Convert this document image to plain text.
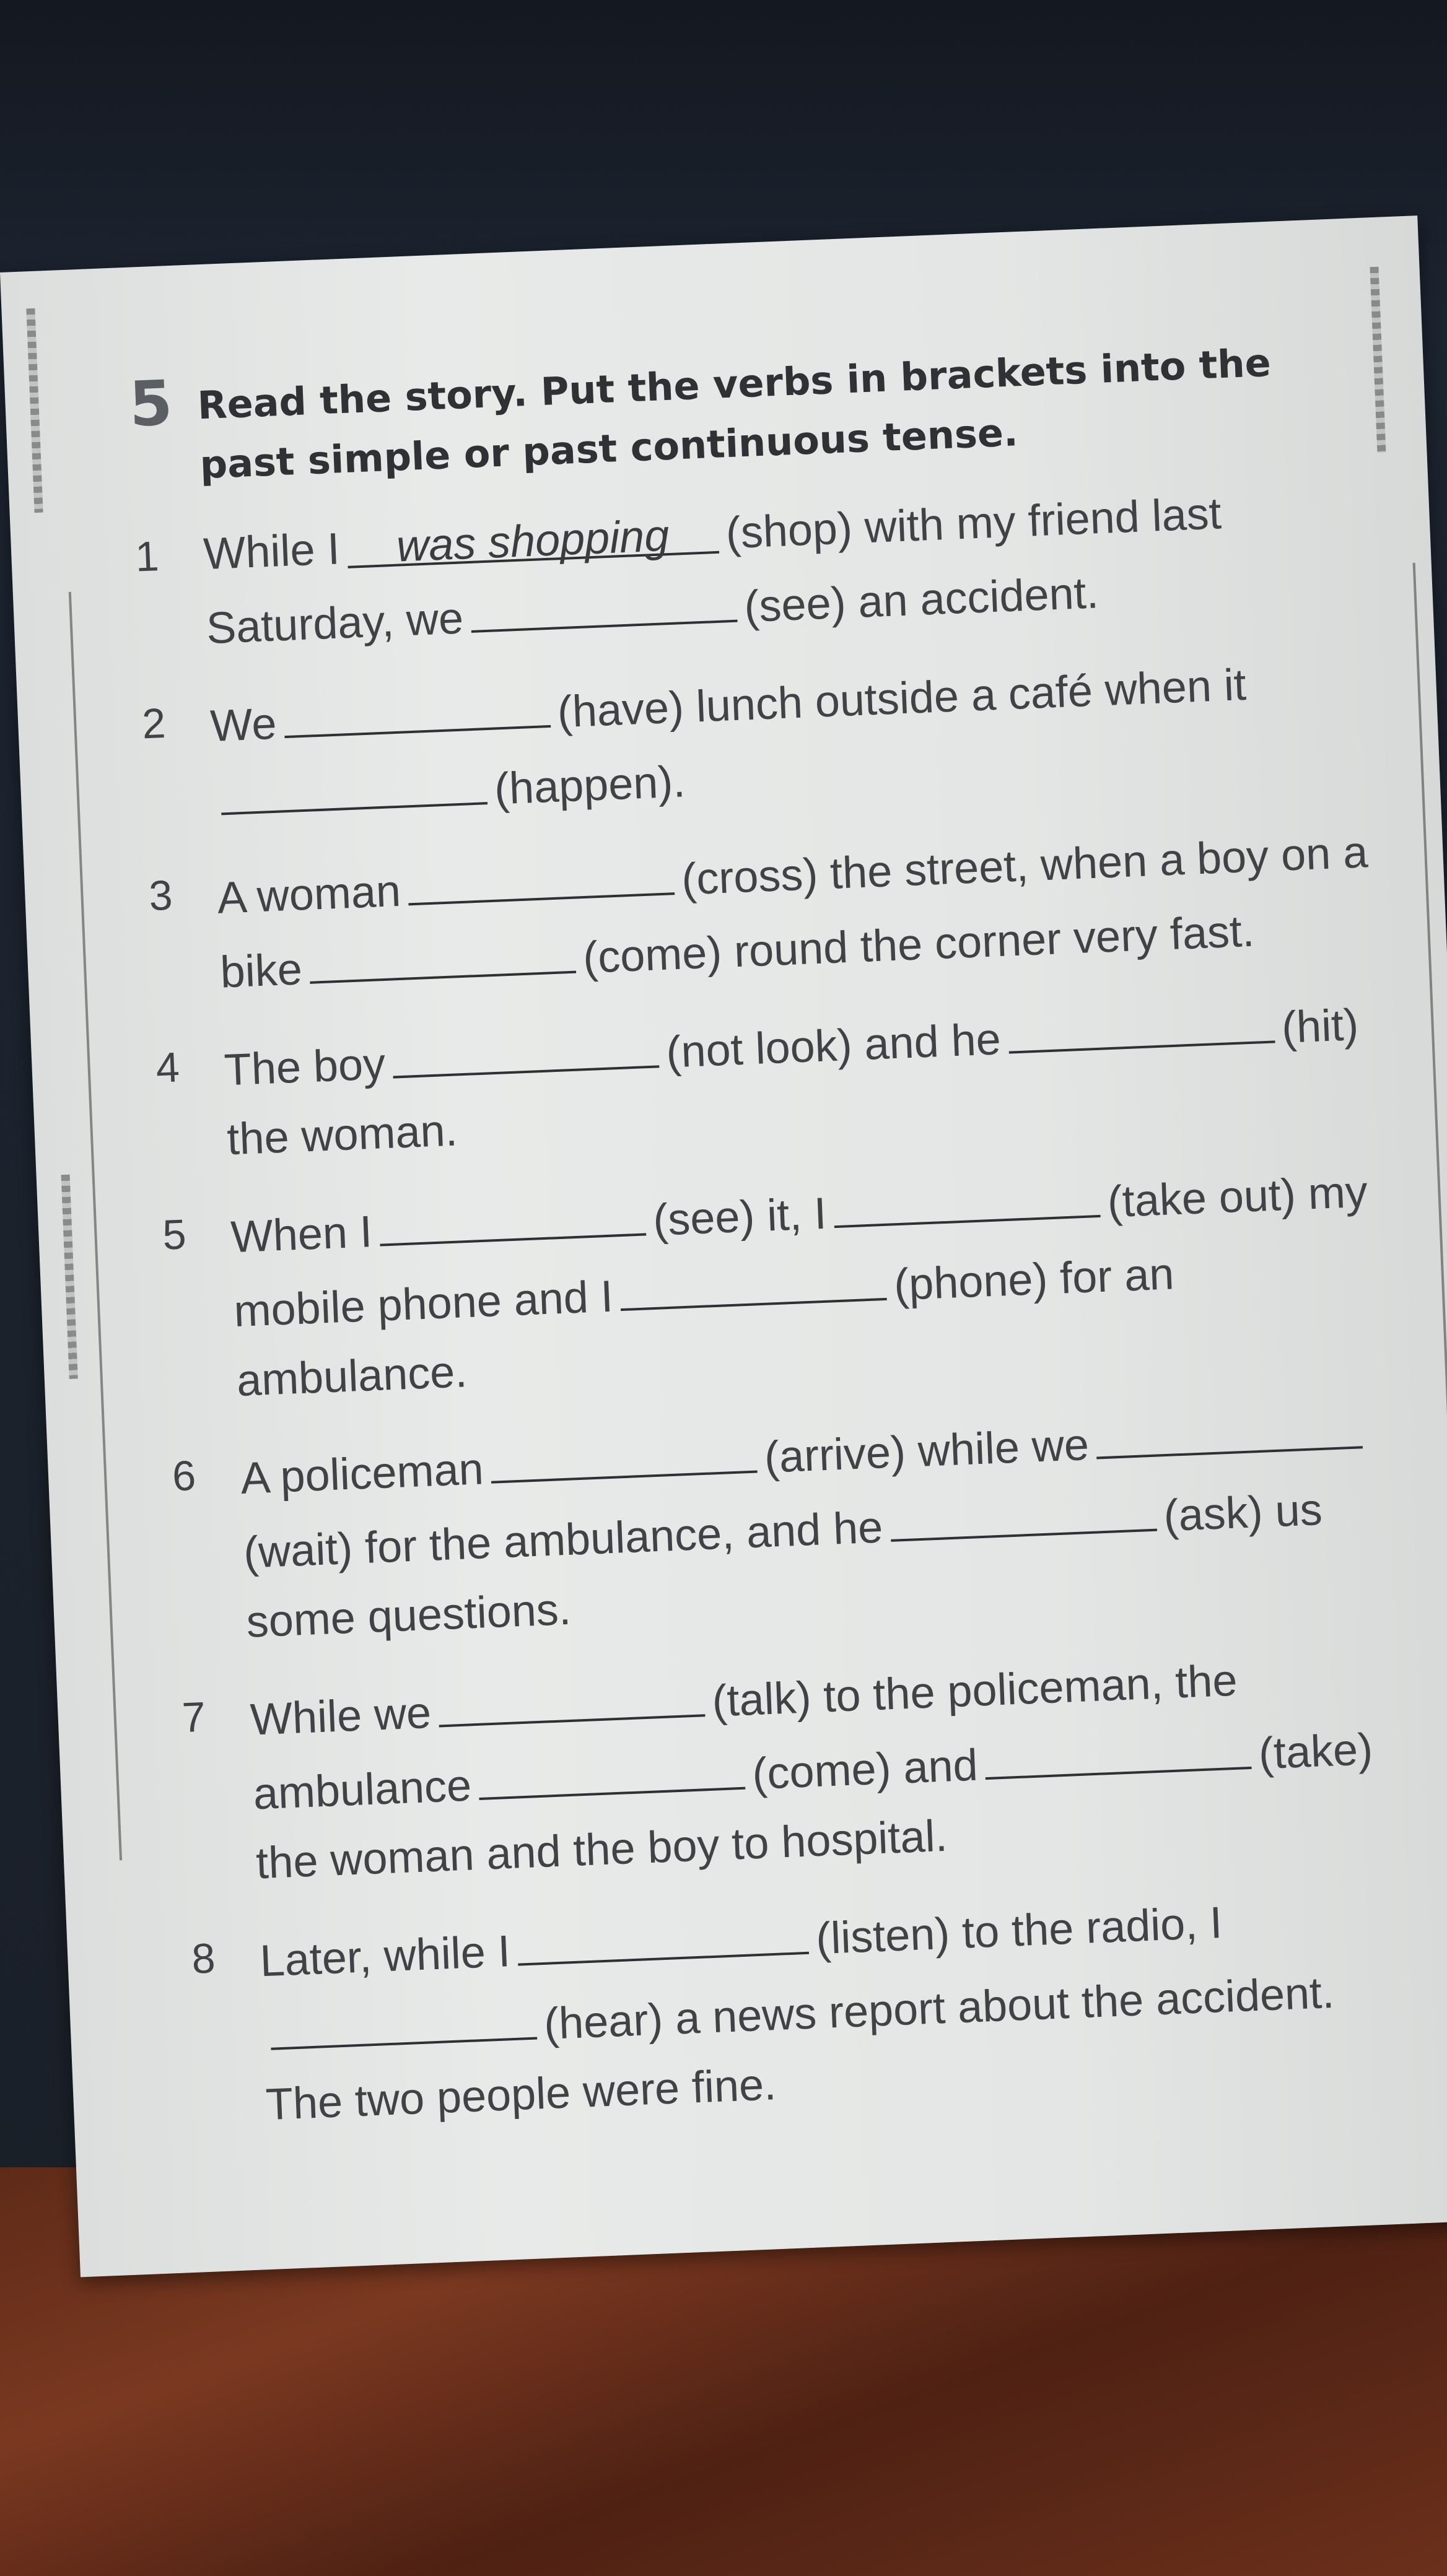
5 Read the story. Put the verbs in brackets into the past simple or past continuous tense.
1 While I was shopping (shop) with my friend last Saturday, we	(see) an accident.
2 We	(have) lunch outside a café when it(happen).
3 A woman	(cross) the street, when a boy on a bike	(come) round the corner very fast.
4 The boy	(not look) and he	(hit) the woman.
5 When I	(see) it, I	(take out) my mobile phone and I	(phone) for an ambulance.
6 A policeman	(arrive) while we(wait) for the ambulance, and he	(ask) us some questions.
7 While we	(talk) to the policeman, the ambulance	(come) and	(take) the woman and the boy to hospital.
8 Later, while I	(listen) to the radio, I(hear) a news report about the accident. The two people were fine.
